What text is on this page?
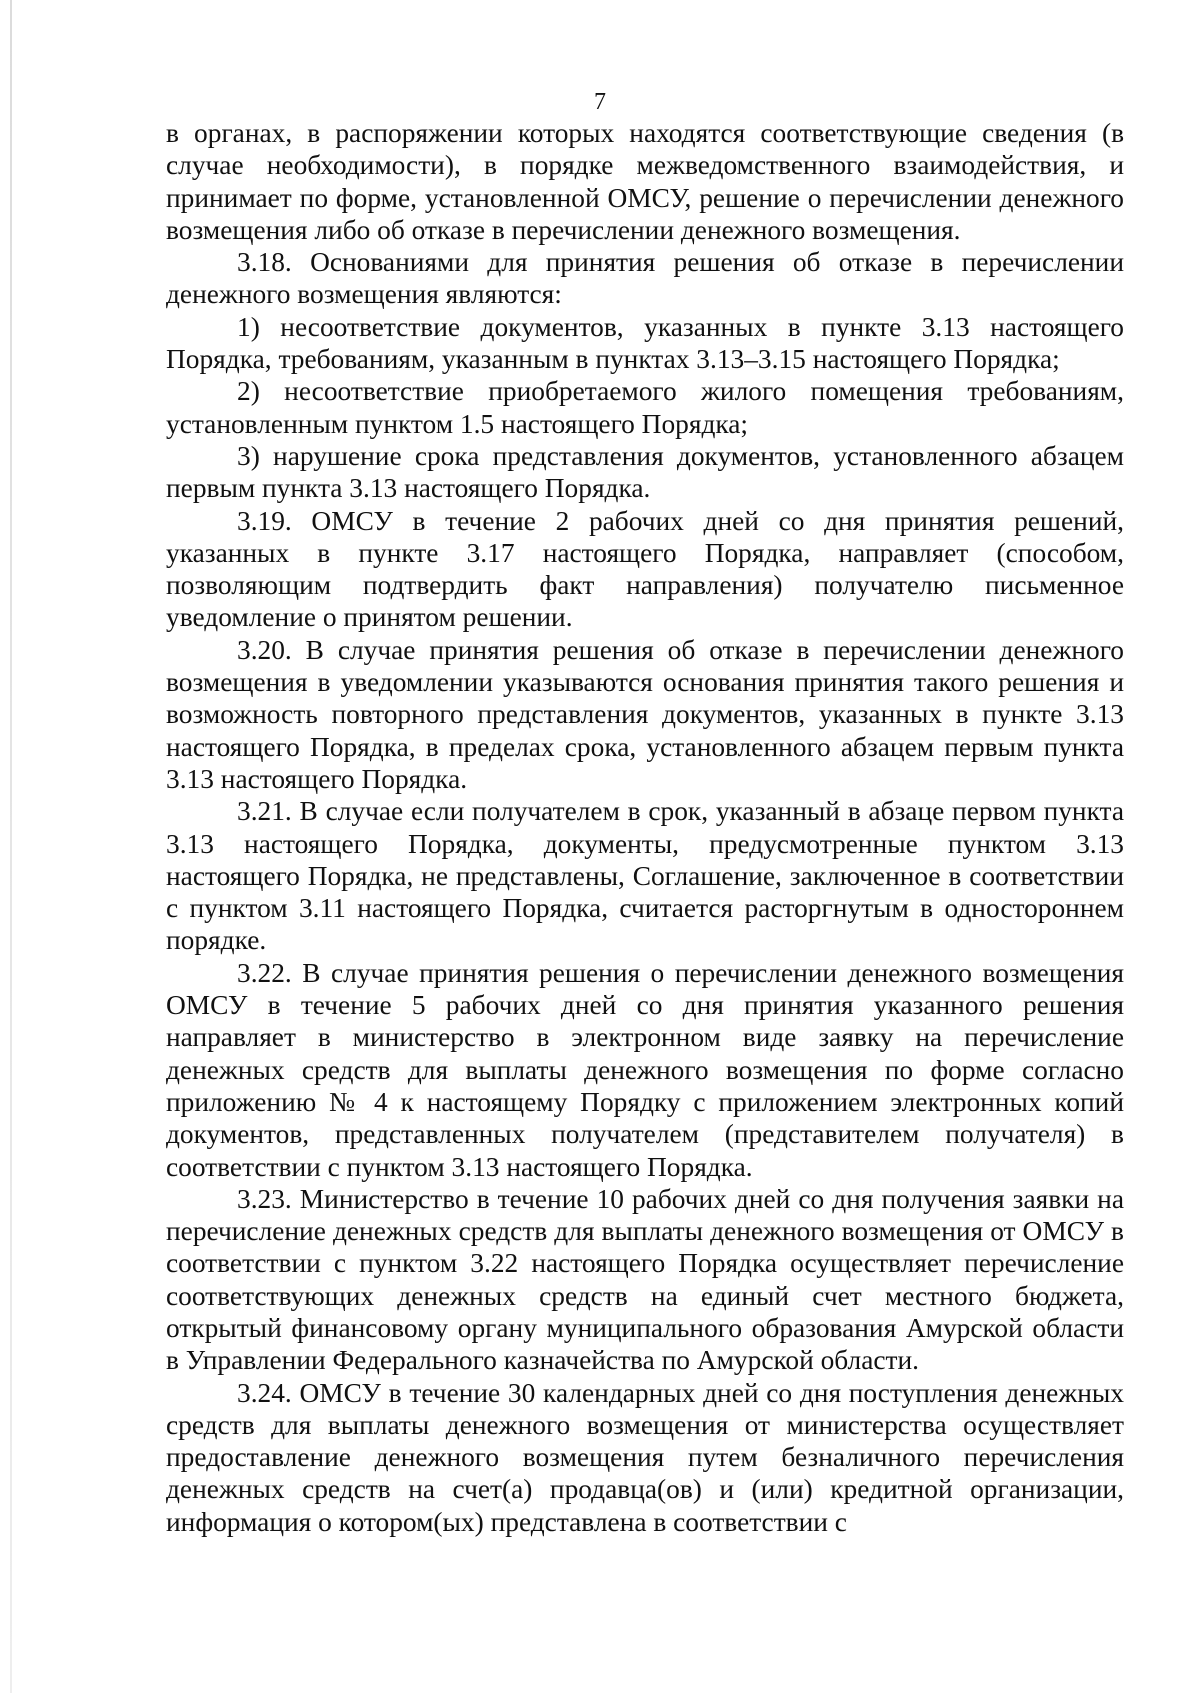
7

в органах, в распоряжении которых находятся соответствующие сведения (в случае необходимости), в порядке межведомственного взаимодействия, и принимает по форме, установленной ОМСУ, решение о перечислении денежного возмещения либо об отказе в перечислении денежного возмещения.

3.18. Основаниями для принятия решения об отказе в перечислении денежного возмещения являются:

1) несоответствие документов, указанных в пункте 3.13 настоящего Порядка, требованиям, указанным в пунктах 3.13–3.15 настоящего Порядка;

2) несоответствие приобретаемого жилого помещения требованиям, установленным пунктом 1.5 настоящего Порядка;

3) нарушение срока представления документов, установленного абзацем первым пункта 3.13 настоящего Порядка.

3.19. ОМСУ в течение 2 рабочих дней со дня принятия решений, указанных в пункте 3.17 настоящего Порядка, направляет (способом, позволяющим подтвердить факт направления) получателю письменное уведомление о принятом решении.

3.20. В случае принятия решения об отказе в перечислении денежного возмещения в уведомлении указываются основания принятия такого решения и возможность повторного представления документов, указанных в пункте 3.13 настоящего Порядка, в пределах срока, установленного абзацем первым пункта 3.13 настоящего Порядка.

3.21. В случае если получателем в срок, указанный в абзаце первом пункта 3.13 настоящего Порядка, документы, предусмотренные пунктом 3.13 настоящего Порядка, не представлены, Соглашение, заключенное в соответствии с пунктом 3.11 настоящего Порядка, считается расторгнутым в одностороннем порядке.

3.22. В случае принятия решения о перечислении денежного возмещения ОМСУ в течение 5 рабочих дней со дня принятия указанного решения направляет в министерство в электронном виде заявку на перечисление денежных средств для выплаты денежного возмещения по форме согласно приложению № 4 к настоящему Порядку с приложением электронных копий документов, представленных получателем (представителем получателя) в соответствии с пунктом 3.13 настоящего Порядка.

3.23. Министерство в течение 10 рабочих дней со дня получения заявки на перечисление денежных средств для выплаты денежного возмещения от ОМСУ в соответствии с пунктом 3.22 настоящего Порядка осуществляет перечисление соответствующих денежных средств на единый счет местного бюджета, открытый финансовому органу муниципального образования Амурской области в Управлении Федерального казначейства по Амурской области.

3.24. ОМСУ в течение 30 календарных дней со дня поступления денежных средств для выплаты денежного возмещения от министерства осуществляет предоставление денежного возмещения путем безналичного перечисления денежных средств на счет(а) продавца(ов) и (или) кредитной организации, информация о котором(ых) представлена в соответствии с
